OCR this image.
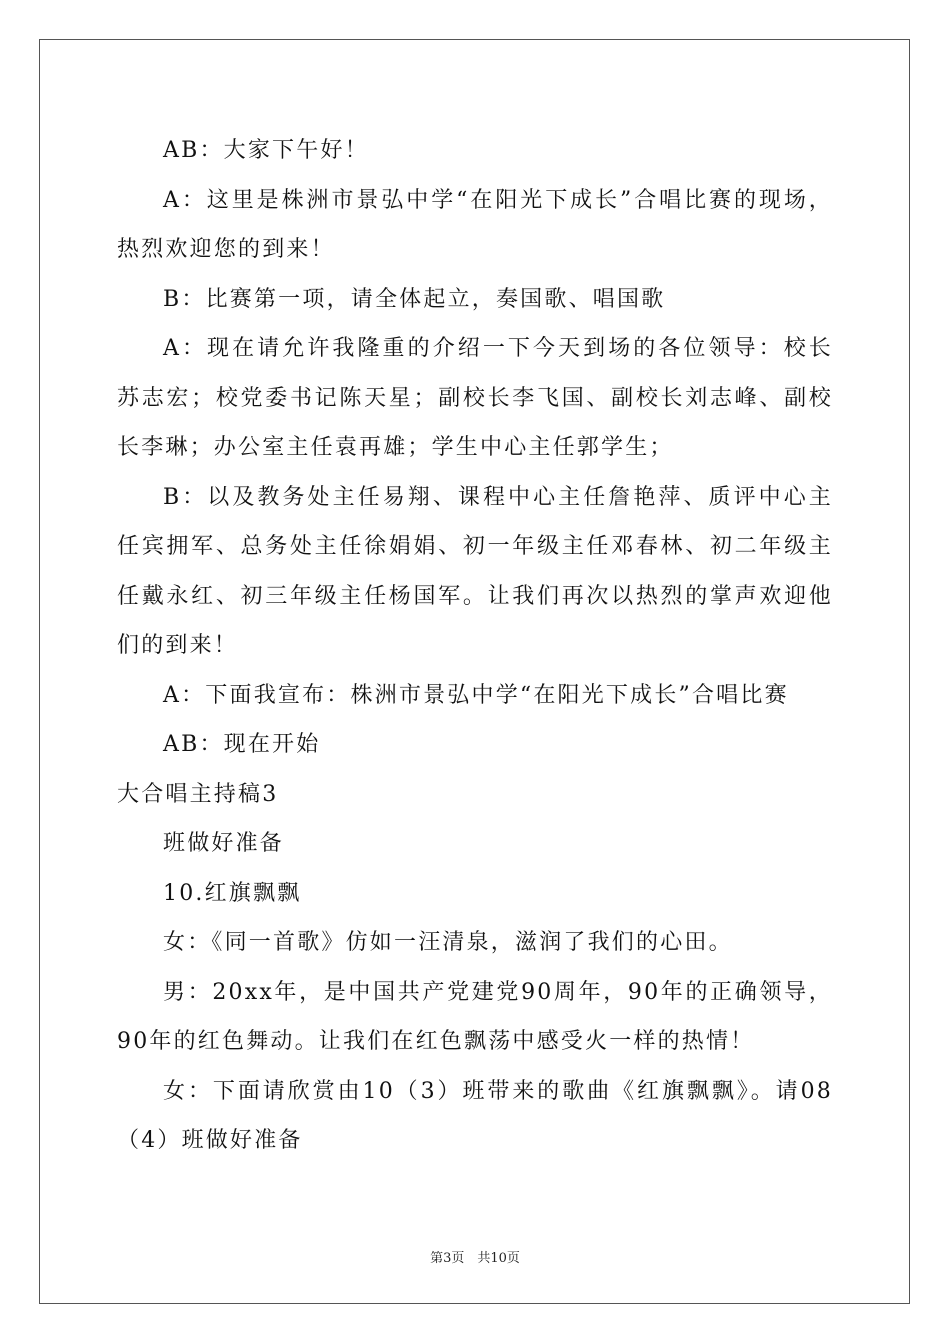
AB：大家下午好！

A：这里是株洲市景弘中学“在阳光下成长”合唱比赛的现场，热烈欢迎您的到来！

B：比赛第一项，请全体起立，奏国歌、唱国歌

A：现在请允许我隆重的介绍一下今天到场的各位领导：校长苏志宏；校党委书记陈天星；副校长李飞国、副校长刘志峰、副校长李琳；办公室主任袁再雄；学生中心主任郭学生；

B：以及教务处主任易翔、课程中心主任詹艳萍、质评中心主任宾拥军、总务处主任徐娟娟、初一年级主任邓春林、初二年级主任戴永红、初三年级主任杨国军。让我们再次以热烈的掌声欢迎他们的到来！

A：下面我宣布：株洲市景弘中学“在阳光下成长”合唱比赛

AB：现在开始

大合唱主持稿3

班做好准备

10.红旗飘飘

女：《同一首歌》仿如一汪清泉，滋润了我们的心田。

男：20xx年，是中国共产党建党90周年，90年的正确领导，90年的红色舞动。让我们在红色飘荡中感受火一样的热情！

女：下面请欣赏由10（3）班带来的歌曲《红旗飘飘》。请08（4）班做好准备

第3页　共10页
